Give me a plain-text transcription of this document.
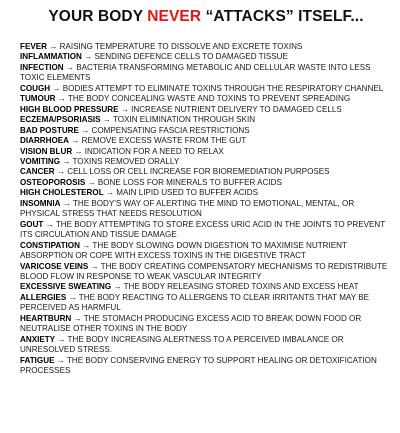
YOUR BODY NEVER “ATTACKS” ITSELF...
FEVER → RAISING TEMPERATURE TO DISSOLVE AND EXCRETE TOXINS
INFLAMMATION → SENDING DEFENCE CELLS TO DAMAGED TISSUE
INFECTION → BACTERIA TRANSFORMING METABOLIC AND CELLULAR WASTE INTO LESS TOXIC ELEMENTS
COUGH → BODIES ATTEMPT TO ELIMINATE TOXINS THROUGH THE RESPIRATORY CHANNEL
TUMOUR → THE BODY CONCEALING WASTE AND TOXINS TO PREVENT SPREADING
HIGH BLOOD PRESSURE → INCREASE NUTRIENT DELIVERY TO DAMAGED CELLS
ECZEMA/PSORIASIS → TOXIN ELIMINATION THROUGH SKIN
BAD POSTURE → COMPENSATING FASCIA RESTRICTIONS
DIARRHOEA → REMOVE EXCESS WASTE FROM THE GUT
VISION BLUR → INDICATION FOR A NEED TO RELAX
VOMITING → TOXINS REMOVED ORALLY
CANCER → CELL LOSS OR CELL INCREASE FOR BIOREMEDIATION PURPOSES
OSTEOPOROSIS → BONE LOSS FOR MINERALS TO BUFFER ACIDS
HIGH CHOLESTEROL → MAIN LIPID USED TO BUFFER ACIDS
INSOMNIA → THE BODY'S WAY OF ALERTING THE MIND TO EMOTIONAL, MENTAL, OR PHYSICAL STRESS THAT NEEDS RESOLUTION
GOUT → THE BODY ATTEMPTING TO STORE EXCESS URIC ACID IN THE JOINTS TO PREVENT ITS CIRCULATION AND TISSUE DAMAGE
CONSTIPATION → THE BODY SLOWING DOWN DIGESTION TO MAXIMISE NUTRIENT ABSORPTION OR COPE WITH EXCESS TOXINS IN THE DIGESTIVE TRACT
VARICOSE VEINS → THE BODY CREATING COMPENSATORY MECHANISMS TO REDISTRIBUTE BLOOD FLOW IN RESPONSE TO WEAK VASCULAR INTEGRITY
EXCESSIVE SWEATING → THE BODY RELEASING STORED TOXINS AND EXCESS HEAT
ALLERGIES → THE BODY REACTING TO ALLERGENS TO CLEAR IRRITANTS THAT MAY BE PERCEIVED AS HARMFUL
HEARTBURN → THE STOMACH PRODUCING EXCESS ACID TO BREAK DOWN FOOD OR NEUTRALISE OTHER TOXINS IN THE BODY
ANXIETY → THE BODY INCREASING ALERTNESS TO A PERCEIVED IMBALANCE OR UNRESOLVED STRESS.
FATIGUE → THE BODY CONSERVING ENERGY TO SUPPORT HEALING OR DETOXIFICATION PROCESSES
